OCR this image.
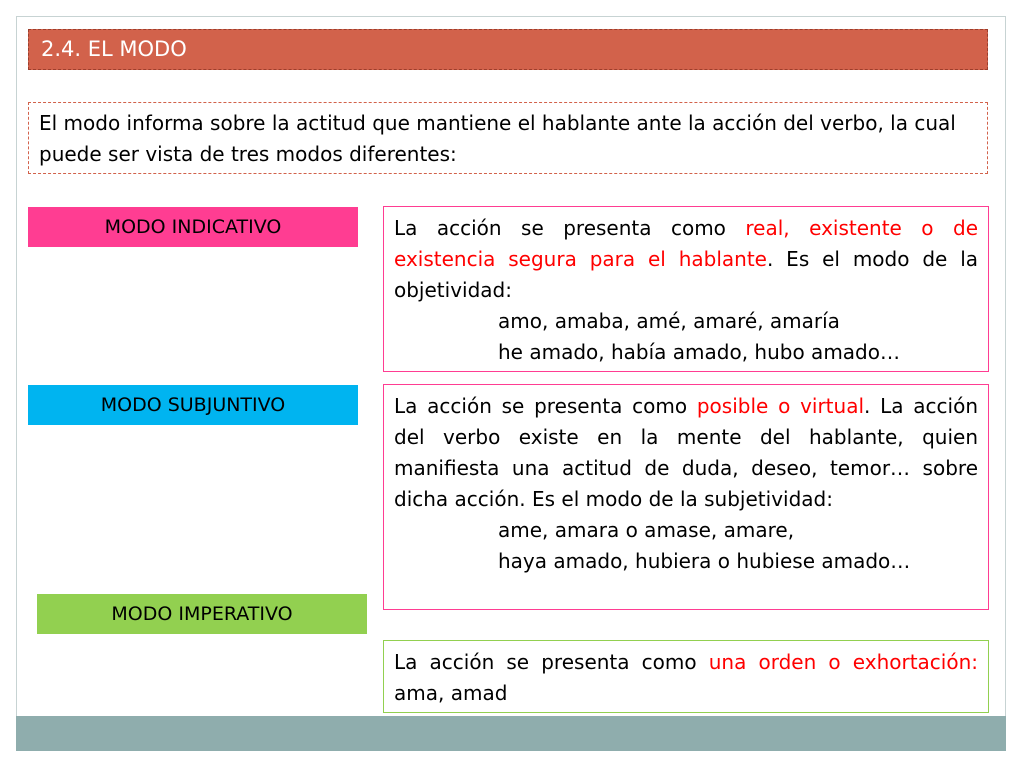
2.4. EL MODO
El modo informa sobre la actitud que mantiene el hablante ante la acción del verbo, la cual puede ser vista de tres modos diferentes:
MODO INDICATIVO	La acción se presenta como real, existente o de existencia segura para el hablante. Es el modo de la objetividad:
amo, amaba, amé, amaré, amaría
he amado, había amado, hubo amado…
MODO SUBJUNTIVO	La acción se presenta como posible o virtual. La acción del verbo existe en la mente del hablante, quien manifiesta una actitud de duda, deseo, temor… sobre dicha acción. Es el modo de la subjetividad:
ame, amara o amase, amare,
haya amado, hubiera o hubiese amado…
MODO IMPERATIVO
La acción se presenta como una orden o exhortación: ama, amad
